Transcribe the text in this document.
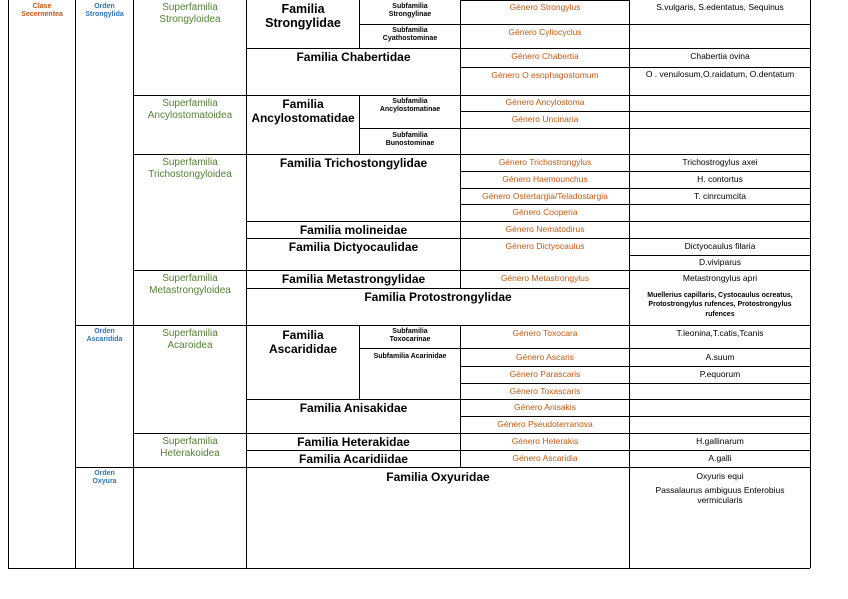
Clase
Secernentea
Orden
Strongylida
Orden
Ascaridida
Orden
Oxyura
Superfamilia
Strongyloidea
Superfamilia
Ancylostomatoidea
Superfamilia
Trichostongyloidea
Superfamilia
Metastrongyloidea
Superfamilia
Acaroidea
Superfamilia
Heterakoidea
Familia
Strongylidae
Familia
Ancylostomatidae
Familia
Ascarididae
Familia Chabertidae
Familia Trichostongylidae
Familia molineidae
Familia Dictyocaulidae
Familia Metastrongylidae
Familia Protostrongylidae
Familia Anisakidae
Familia Heterakidae
Familia Acaridiidae
Familia Oxyuridae
Subfamilia
Strongylinae
Subfamilia
Cyathostominae
Subfamilia
Ancylostomatinae
Subfamilia
Bunostominae
Subfamilia
Toxocarinae
Subfamilia Acarinidae
Género Strongylus
Género Cyliocyclus
Género Chabertia
Género O esophagostomum
Género Ancylostoma
Género Uncinaria
Género Trichostrongylus
Género Haemounchus
Género Ostertargia/Teladostargia
Género Cooperia
Género Nematodirus
Género Dictyocaulus
Género Metastrongylus
Género Toxocara
Género Ascaris
Género Parascaris
Género Toxascaris
Género Anisakis
Género Pseudoterranova
Género Heterakis
Género Ascaridia
S.vulgaris, S.edentatus, Sequinus
Chabertia ovina
O . venulosum,O.raidatum, O.dentatum
Trichostrogylus axei
H. contortus
T. cinrcumcita
Dictyocaulus filaria
D.viviparus
Metastrongylus apri
Muellerius capillaris, Cystocaulus ocreatus, Protostrongylus rufences, Protostrongylus rufences
T.leonina,T.catis,Tcanis
A.suum
P.equorum
H.gallinarum
A.galli
Oxyuris equi
Passalaurus ambiguus Enterobius vermicularis
